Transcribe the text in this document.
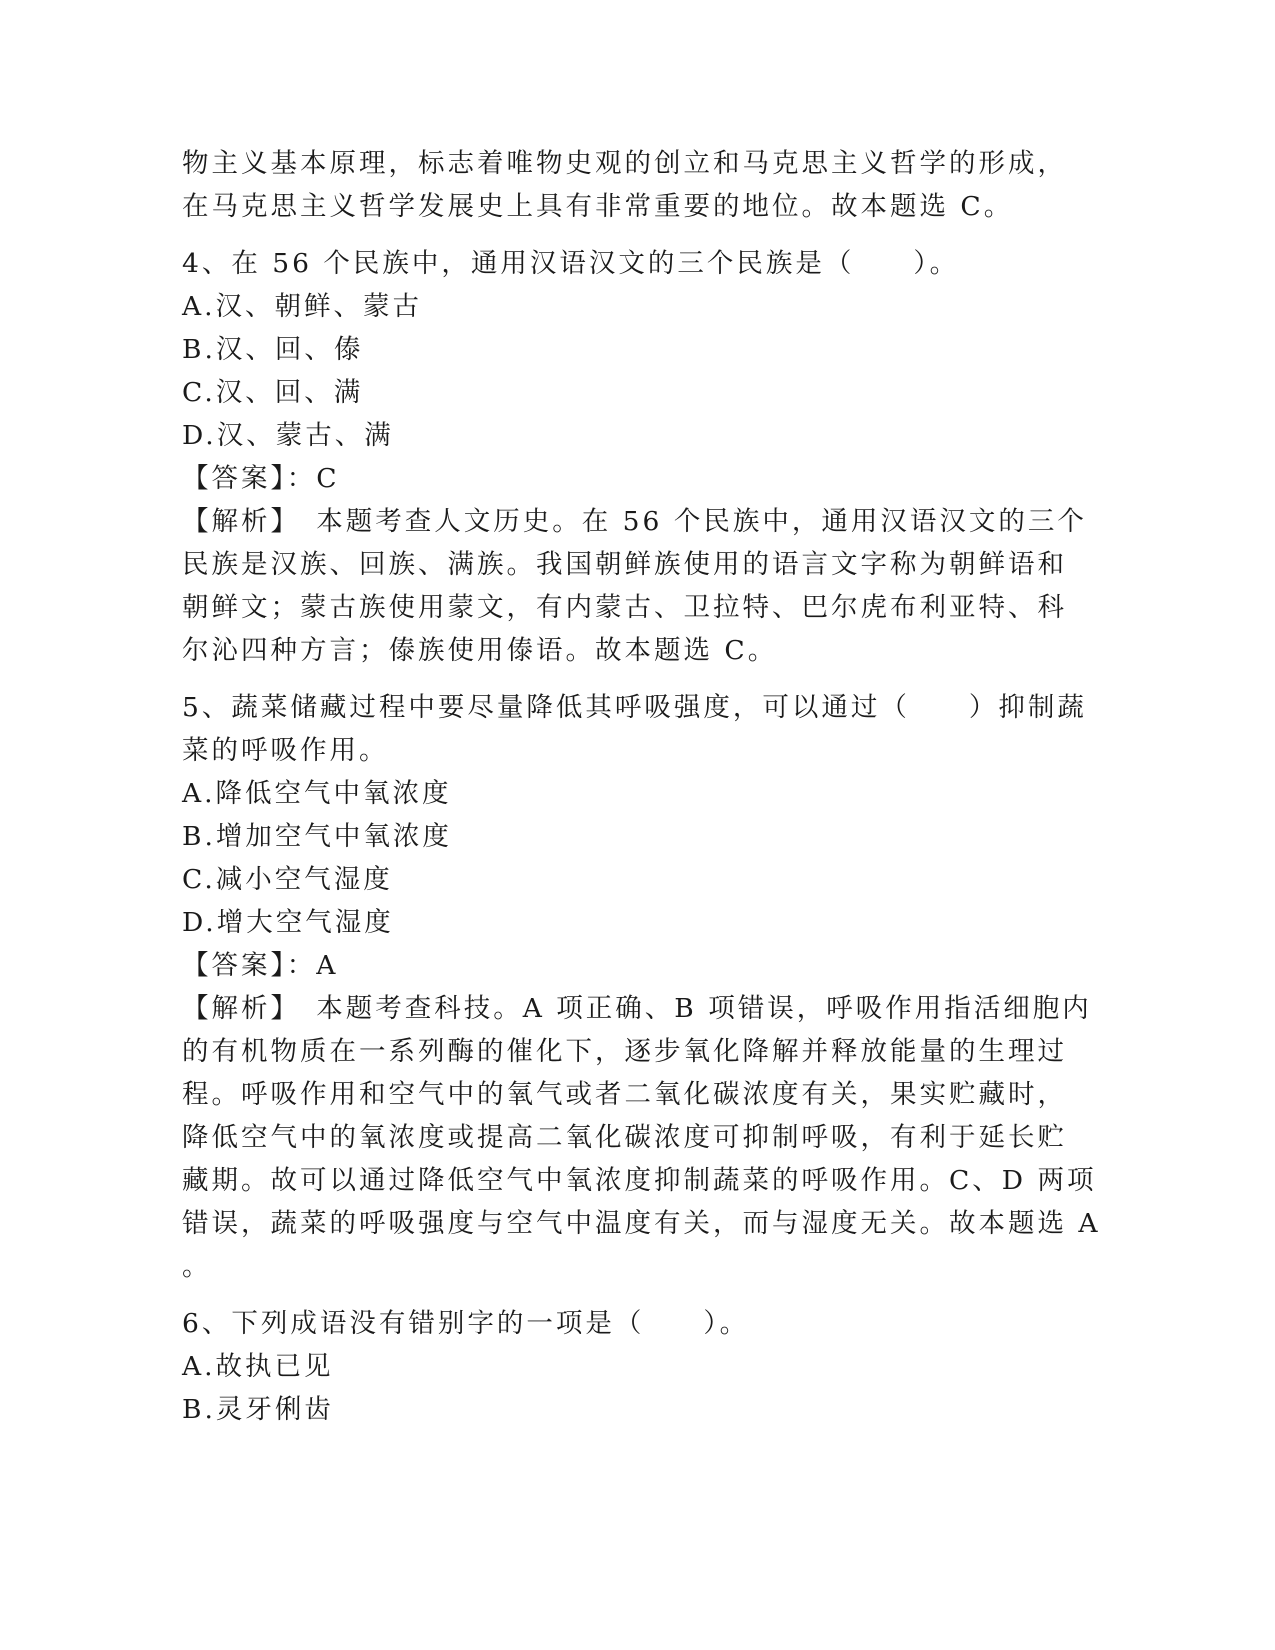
物主义基本原理，标志着唯物史观的创立和马克思主义哲学的形成，
在马克思主义哲学发展史上具有非常重要的地位。故本题选 C。
4、在 56 个民族中，通用汉语汉文的三个民族是（　　）。
A.汉、朝鲜、蒙古
B.汉、回、傣
C.汉、回、满
D.汉、蒙古、满
【答案】：C
【解析】　本题考查人文历史。在 56 个民族中，通用汉语汉文的三个
民族是汉族、回族、满族。我国朝鲜族使用的语言文字称为朝鲜语和
朝鲜文；蒙古族使用蒙文，有内蒙古、卫拉特、巴尔虎布利亚特、科
尔沁四种方言；傣族使用傣语。故本题选 C。
5、蔬菜储藏过程中要尽量降低其呼吸强度，可以通过（　　）抑制蔬
菜的呼吸作用。
A.降低空气中氧浓度
B.增加空气中氧浓度
C.减小空气湿度
D.增大空气湿度
【答案】：A
【解析】　本题考查科技。A 项正确、B 项错误，呼吸作用指活细胞内
的有机物质在一系列酶的催化下，逐步氧化降解并释放能量的生理过
程。呼吸作用和空气中的氧气或者二氧化碳浓度有关，果实贮藏时，
降低空气中的氧浓度或提高二氧化碳浓度可抑制呼吸，有利于延长贮
藏期。故可以通过降低空气中氧浓度抑制蔬菜的呼吸作用。C、D 两项
错误，蔬菜的呼吸强度与空气中温度有关，而与湿度无关。故本题选 A
。
6、下列成语没有错别字的一项是（　　）。
A.故执已见
B.灵牙俐齿
